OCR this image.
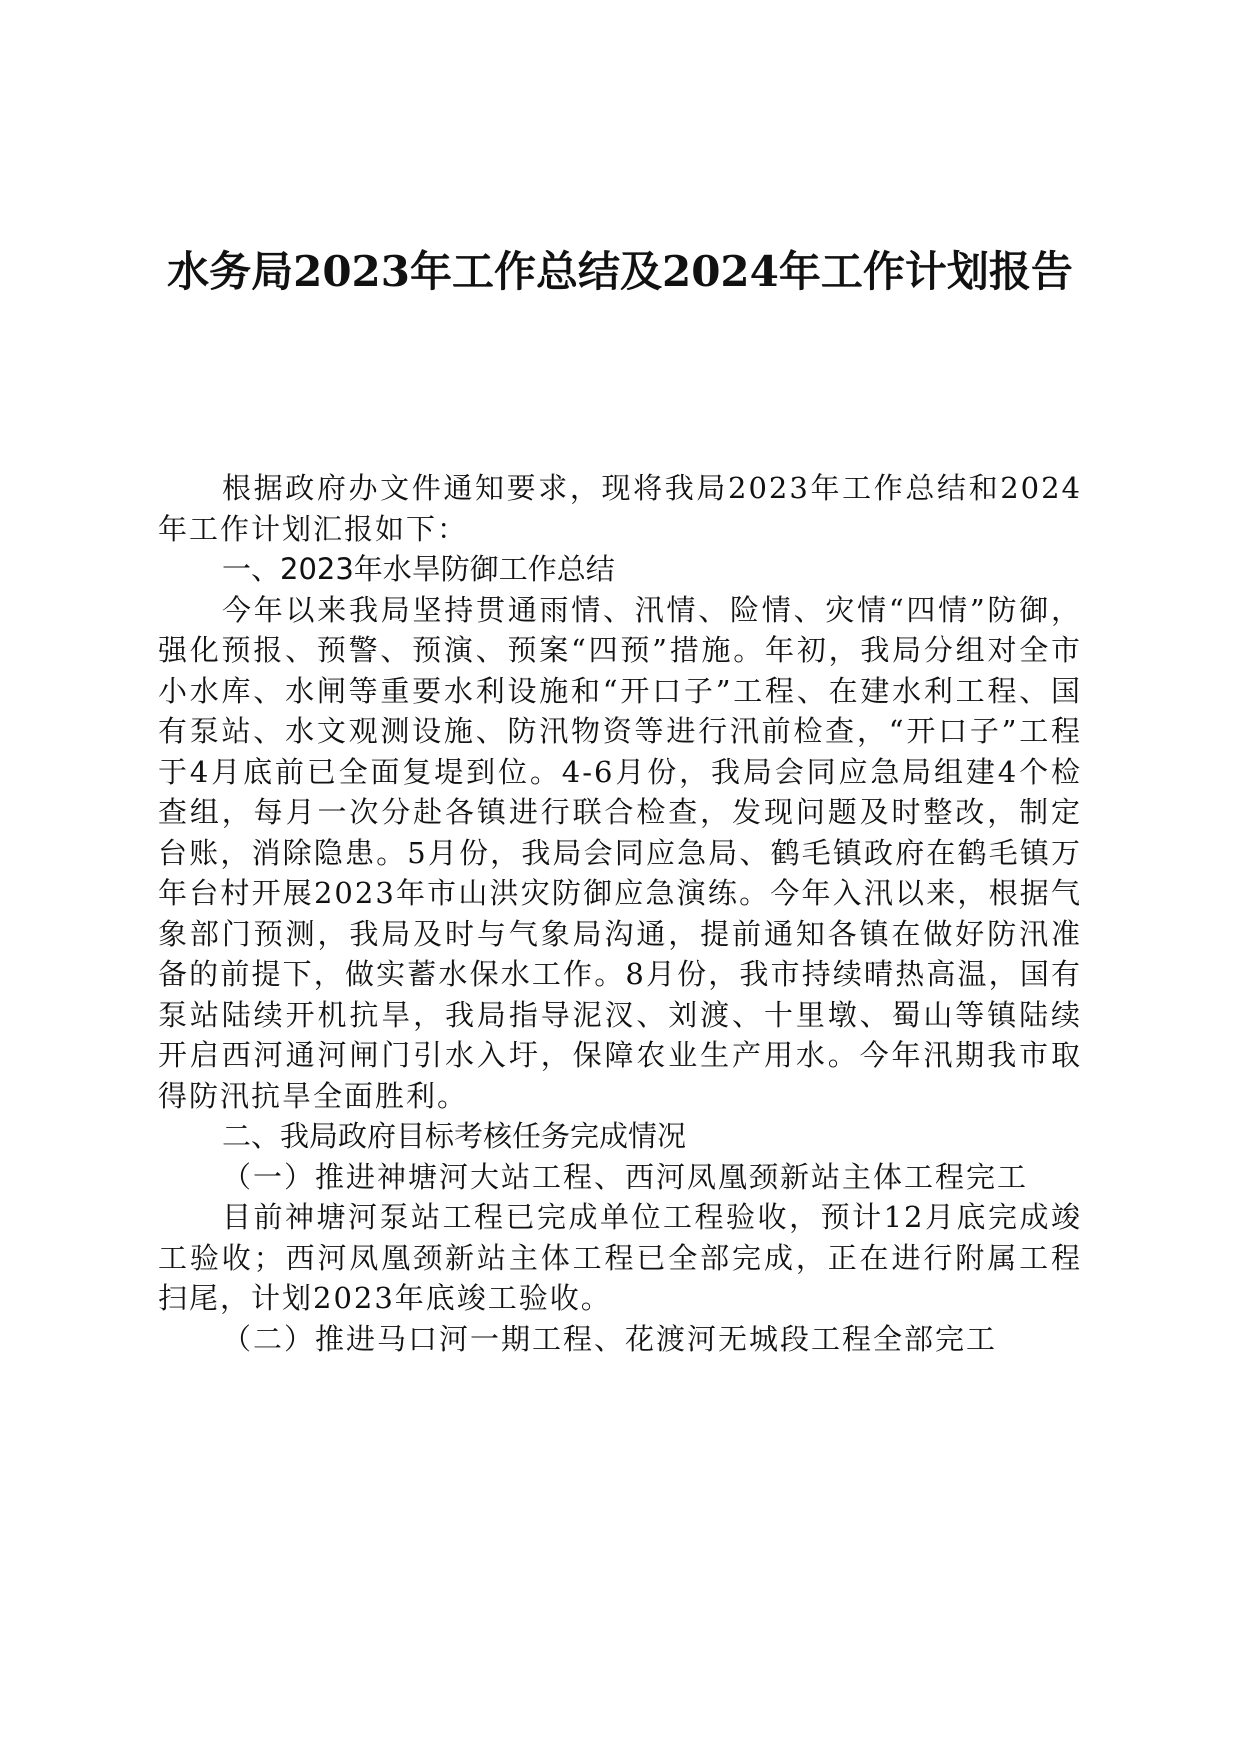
水务局2023年工作总结及2024年工作计划报告

根据政府办文件通知要求，现将我局2023年工作总结和2024年工作计划汇报如下：

一、2023年水旱防御工作总结

今年以来我局坚持贯通雨情、汛情、险情、灾情“四情”防御，强化预报、预警、预演、预案“四预”措施。年初，我局分组对全市小水库、水闸等重要水利设施和“开口子”工程、在建水利工程、国有泵站、水文观测设施、防汛物资等进行汛前检查，“开口子”工程于4月底前已全面复堤到位。4-6月份，我局会同应急局组建4个检查组，每月一次分赴各镇进行联合检查，发现问题及时整改，制定台账，消除隐患。5月份，我局会同应急局、鹤毛镇政府在鹤毛镇万年台村开展2023年市山洪灾防御应急演练。今年入汛以来，根据气象部门预测，我局及时与气象局沟通，提前通知各镇在做好防汛准备的前提下，做实蓄水保水工作。8月份，我市持续晴热高温，国有泵站陆续开机抗旱，我局指导泥汊、刘渡、十里墩、蜀山等镇陆续开启西河通河闸门引水入圩，保障农业生产用水。今年汛期我市取得防汛抗旱全面胜利。

二、我局政府目标考核任务完成情况

（一）推进神塘河大站工程、西河凤凰颈新站主体工程完工

目前神塘河泵站工程已完成单位工程验收，预计12月底完成竣工验收；西河凤凰颈新站主体工程已全部完成，正在进行附属工程扫尾，计划2023年底竣工验收。

（二）推进马口河一期工程、花渡河无城段工程全部完工
